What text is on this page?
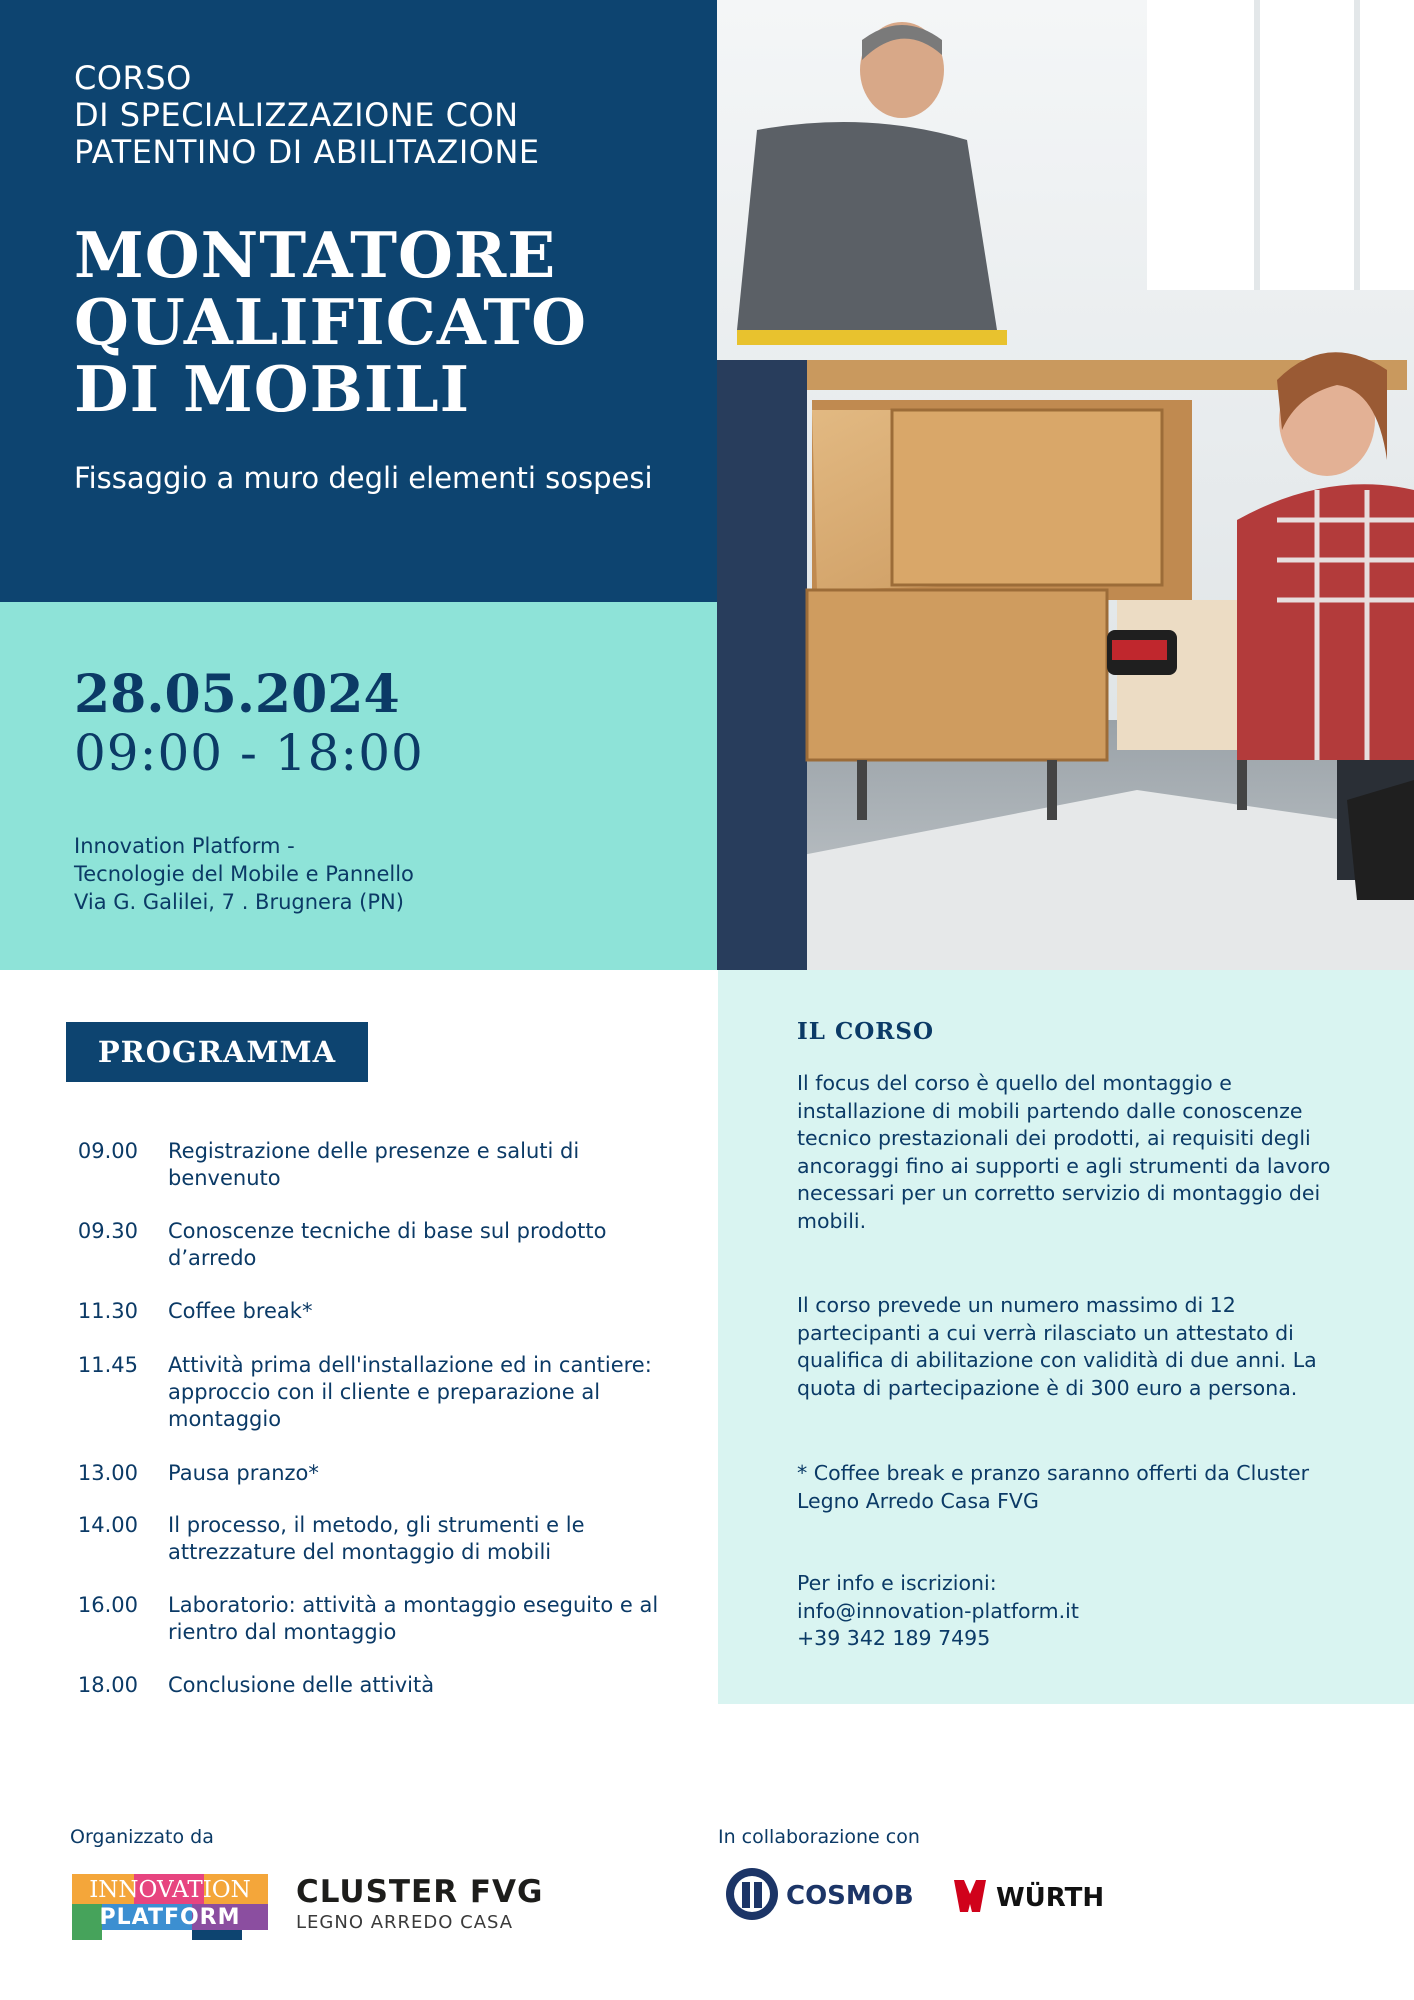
CORSO
DI SPECIALIZZAZIONE CON
PATENTINO DI ABILITAZIONE
MONTATORE
QUALIFICATO
DI MOBILI
Fissaggio a muro degli elementi sospesi
28.05.2024
09:00 - 18:00
Innovation Platform -
Tecnologie del Mobile e Pannello
Via G. Galilei, 7 . Brugnera (PN)
PROGRAMMA
09.00 Registrazione delle presenze e saluti di benvenuto
09.30 Conoscenze tecniche di base sul prodotto d’arredo
11.30 Coffee break*
11.45 Attività prima dell'installazione ed in cantiere: approccio con il cliente e preparazione al montaggio
13.00 Pausa pranzo*
14.00 Il processo, il metodo, gli strumenti e le attrezzature del montaggio di mobili
16.00 Laboratorio: attività a montaggio eseguito e al rientro dal montaggio
18.00 Conclusione delle attività
IL CORSO
Il focus del corso è quello del montaggio e installazione di mobili partendo dalle conoscenze tecnico prestazionali dei prodotti, ai requisiti degli ancoraggi fino ai supporti e agli strumenti da lavoro necessari per un corretto servizio di montaggio dei mobili.
Il corso prevede un numero massimo di 12 partecipanti a cui verrà rilasciato un attestato di qualifica di abilitazione con validità di due anni. La quota di partecipazione è di 300 euro a persona.
* Coffee break e pranzo saranno offerti da Cluster Legno Arredo Casa FVG
Per info e iscrizioni:
info@innovation-platform.it
+39 342 189 7495
Organizzato da	In collaborazione con
INNOVATION
PLATFORM
CLUSTER FVG
LEGNO ARREDO CASA
COSMOB	WÜRTH
